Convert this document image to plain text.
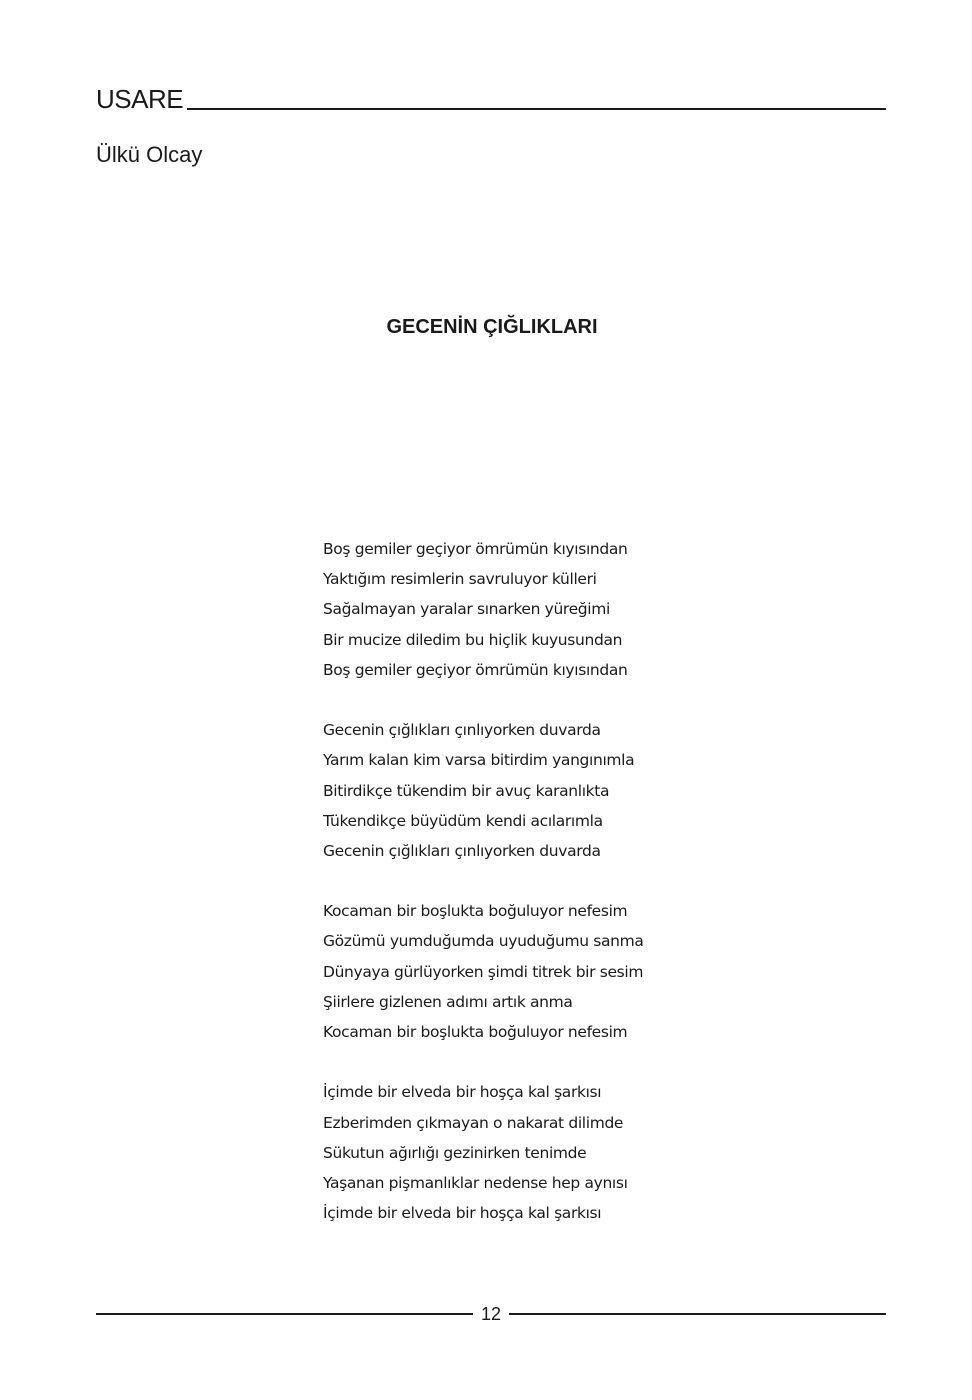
USARE
Ülkü Olcay
GECENİN ÇIĞLIKLARI
Boş gemiler geçiyor ömrümün kıyısından
Yaktığım resimlerin savruluyor külleri
Sağalmayan yaralar sınarken yüreğimi
Bir mucize diledim bu hiçlik kuyusundan
Boş gemiler geçiyor ömrümün kıyısından
Gecenin çığlıkları çınlıyorken duvarda
Yarım kalan kim varsa bitirdim yangınımla
Bitirdikçe tükendim bir avuç karanlıkta
Tükendikçe büyüdüm kendi acılarımla
Gecenin çığlıkları çınlıyorken duvarda
Kocaman bir boşlukta boğuluyor nefesim
Gözümü yumduğumda uyuduğumu sanma
Dünyaya gürlüyorken şimdi titrek bir sesim
Şiirlere gizlenen adımı artık anma
Kocaman bir boşlukta boğuluyor nefesim
İçimde bir elveda bir hoşça kal şarkısı
Ezberimden çıkmayan o nakarat dilimde
Sükutun ağırlığı gezinirken tenimde
Yaşanan pişmanlıklar nedense hep aynısı
İçimde bir elveda bir hoşça kal şarkısı
12
